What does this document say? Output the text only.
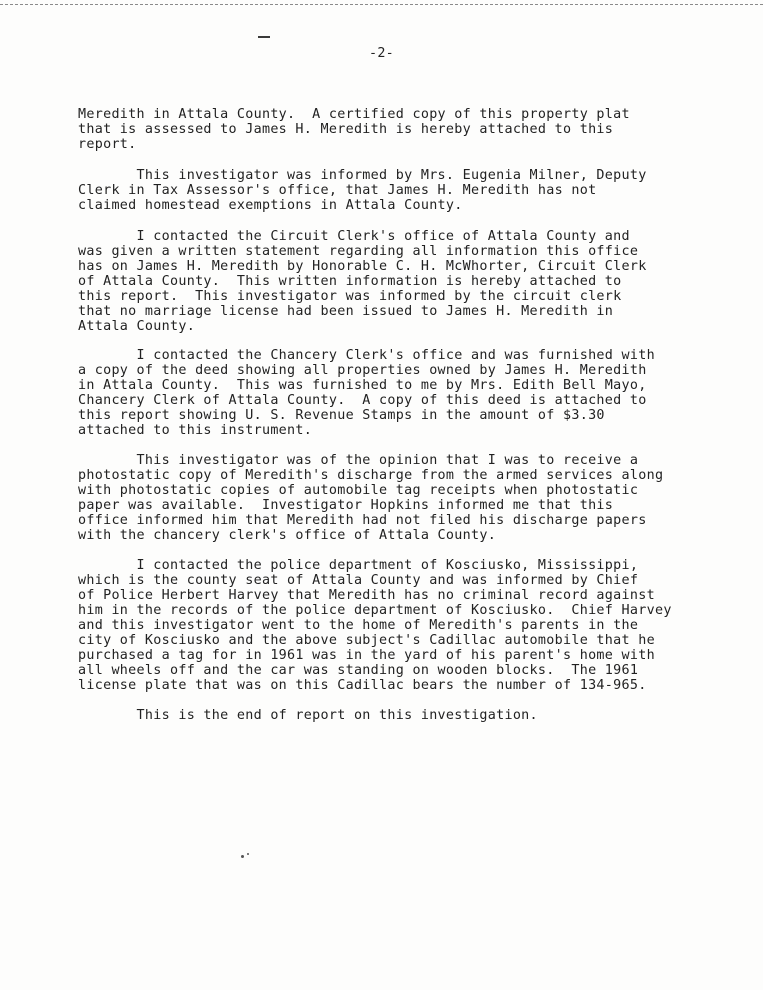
-2-

Meredith in Attala County.  A certified copy of this property plat
that is assessed to James H. Meredith is hereby attached to this
report.

This investigator was informed by Mrs. Eugenia Milner, Deputy
Clerk in Tax Assessor's office, that James H. Meredith has not
claimed homestead exemptions in Attala County.

I contacted the Circuit Clerk's office of Attala County and
was given a written statement regarding all information this office
has on James H. Meredith by Honorable C. H. McWhorter, Circuit Clerk
of Attala County.  This written information is hereby attached to
this report.  This investigator was informed by the circuit clerk
that no marriage license had been issued to James H. Meredith in
Attala County.

I contacted the Chancery Clerk's office and was furnished with
a copy of the deed showing all properties owned by James H. Meredith
in Attala County.  This was furnished to me by Mrs. Edith Bell Mayo,
Chancery Clerk of Attala County.  A copy of this deed is attached to
this report showing U. S. Revenue Stamps in the amount of $3.30
attached to this instrument.

This investigator was of the opinion that I was to receive a
photostatic copy of Meredith's discharge from the armed services along
with photostatic copies of automobile tag receipts when photostatic
paper was available.  Investigator Hopkins informed me that this
office informed him that Meredith had not filed his discharge papers
with the chancery clerk's office of Attala County.

I contacted the police department of Kosciusko, Mississippi,
which is the county seat of Attala County and was informed by Chief
of Police Herbert Harvey that Meredith has no criminal record against
him in the records of the police department of Kosciusko.  Chief Harvey
and this investigator went to the home of Meredith's parents in the
city of Kosciusko and the above subject's Cadillac automobile that he
purchased a tag for in 1961 was in the yard of his parent's home with
all wheels off and the car was standing on wooden blocks.  The 1961
license plate that was on this Cadillac bears the number of 134-965.

This is the end of report on this investigation.
